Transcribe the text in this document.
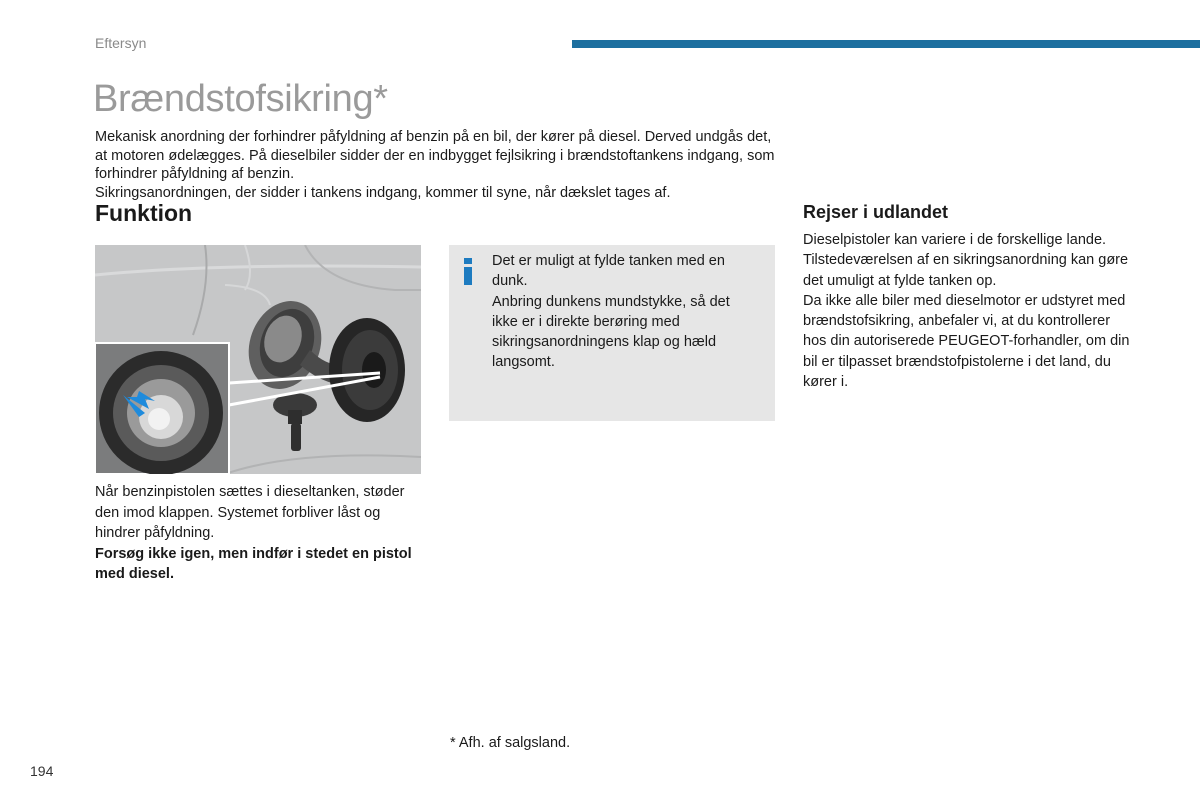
Eftersyn
Brændstofsikring*

Mekanisk anordning der forhindrer påfyldning af benzin på en bil, der kører på diesel. Derved undgås det, at motoren ødelægges. På dieselbiler sidder der en indbygget fejlsikring i brændstoftankens indgang, som forhindrer påfyldning af benzin.

Sikringsanordningen, der sidder i tankens indgang, kommer til syne, når dækslet tages af.

Funktion	Rejser i udlandet

Når benzinpistolen sættes i dieseltanken, støder den imod klappen. Systemet forbliver låst og hindrer påfyldning.

Forsøg ikke igen, men indfør i stedet en pistol med diesel.

Det er muligt at fylde tanken med en dunk.

Anbring dunkens mundstykke, så det ikke er i direkte berøring med sikringsanordningens klap og hæld langsomt.

Dieselpistoler kan variere i de forskellige lande.

Tilstedeværelsen af en sikringsanordning kan gøre det umuligt at fylde tanken op.

Da ikke alle biler med dieselmotor er udstyret med brændstofsikring, anbefaler vi, at du kontrollerer hos din autoriserede PEUGEOT-forhandler, om din bil er tilpasset brændstofpistolerne i det land, du kører i.

* Afh. af salgsland.
194
